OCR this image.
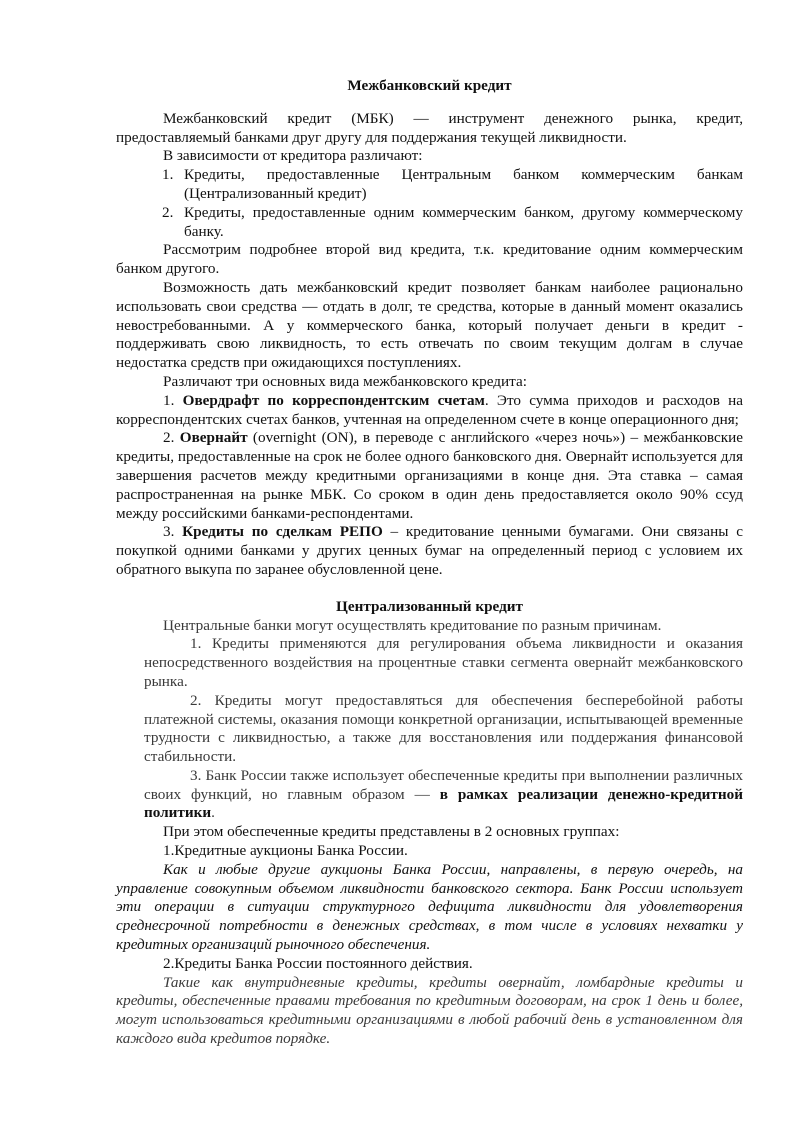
Межбанковский кредит

Межбанковский кредит (МБК) — инструмент денежного рынка, кредит, предоставляемый банками друг другу для поддержания текущей ликвидности.

В зависимости от кредитора различают:

1. Кредиты, предоставленные Центральным банком коммерческим банкам (Централизованный кредит)
2. Кредиты, предоставленные одним коммерческим банком, другому коммерческому банку.

Рассмотрим подробнее второй вид кредита, т.к. кредитование одним коммерческим банком другого.

Возможность дать межбанковский кредит позволяет банкам наиболее рационально использовать свои средства — отдать в долг, те средства, которые в данный момент оказались невостребованными. А у коммерческого банка, который получает деньги в кредит - поддерживать свою ликвидность, то есть отвечать по своим текущим долгам в случае недостатка средств при ожидающихся поступлениях.

Различают три основных вида межбанковского кредита:

1. Овердрафт по корреспондентским счетам. Это сумма приходов и расходов на корреспондентских счетах банков, учтенная на определенном счете в конце операционного дня;

2. Овернайт (overnight (ON), в переводе с английского «через ночь») – межбанковские кредиты, предоставленные на срок не более одного банковского дня. Овернайт используется для завершения расчетов между кредитными организациями в конце дня. Эта ставка – самая распространенная на рынке МБК. Со сроком в один день предоставляется около 90% ссуд между российскими банками-респондентами.

3. Кредиты по сделкам РЕПО – кредитование ценными бумагами. Они связаны с покупкой одними банками у других ценных бумаг на определенный период с условием их обратного выкупа по заранее обусловленной цене.

Централизованный кредит

Центральные банки могут осуществлять кредитование по разным причинам.

1. Кредиты применяются для регулирования объема ликвидности и оказания непосредственного воздействия на процентные ставки сегмента овернайт межбанковского рынка.

2. Кредиты могут предоставляться для обеспечения бесперебойной работы платежной системы, оказания помощи конкретной организации, испытывающей временные трудности с ликвидностью, а также для восстановления или поддержания финансовой стабильности.

3. Банк России также использует обеспеченные кредиты при выполнении различных своих функций, но главным образом — в рамках реализации денежно-кредитной политики.

При этом обеспеченные кредиты представлены в 2 основных группах:

1.Кредитные аукционы Банка России.

Как и любые другие аукционы Банка России, направлены, в первую очередь, на управление совокупным объемом ликвидности банковского сектора. Банк России использует эти операции в ситуации структурного дефицита ликвидности для удовлетворения среднесрочной потребности в денежных средствах, в том числе в условиях нехватки у кредитных организаций рыночного обеспечения.

2.Кредиты Банка России постоянного действия.

Такие как внутридневные кредиты, кредиты овернайт, ломбардные кредиты и кредиты, обеспеченные правами требования по кредитным договорам, на срок 1 день и более, могут использоваться кредитными организациями в любой рабочий день в установленном для каждого вида кредитов порядке.
